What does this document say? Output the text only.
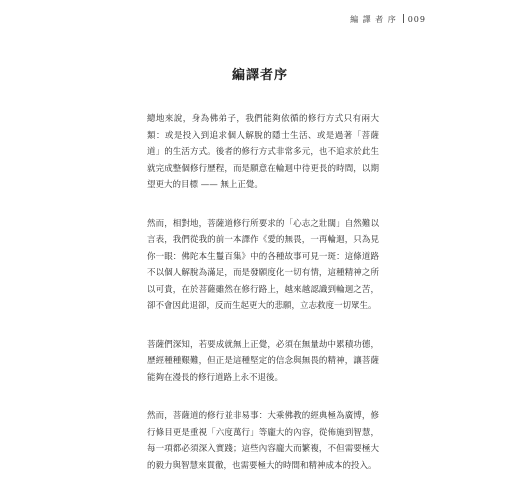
編 譯 者 序 009
編譯者序

總地來說，身為佛弟子，我們能夠依循的修行方式只有兩大
類：或是投入到追求個人解脫的隱士生活、或是過著「菩薩
道」的生活方式。後者的修行方式非常多元，也不追求於此生
就完成整個修行歷程，而是願意在輪迴中待更長的時間，以期
望更大的目標 —— 無上正覺。

然而，相對地，菩薩道修行所要求的「心志之壯闊」自然難以
言表，我們從我的前一本譯作《愛的無畏，一再輪迴，只為見
你一眼：佛陀本生鬘百集》中的各種故事可見一斑：這條道路
不以個人解脫為滿足，而是發願度化一切有情，這種精神之所
以可貴，在於菩薩雖然在修行路上，越來越認識到輪迴之苦，
卻不會因此退卻，反而生起更大的悲願，立志救度一切眾生。

菩薩們深知，若要成就無上正覺，必須在無量劫中累積功德，
歷經種種艱難，但正是這種堅定的信念與無畏的精神，讓菩薩
能夠在漫長的修行道路上永不退後。

然而，菩薩道的修行並非易事：大乘佛教的經典極為廣博，修
行條目更是重視「六度萬行」等龐大的內容，從佈施到智慧，
每一項都必須深入實踐；這些內容龐大而繁複，不但需要極大
的毅力與智慧來貫徹，也需要極大的時間和精神成本的投入。
